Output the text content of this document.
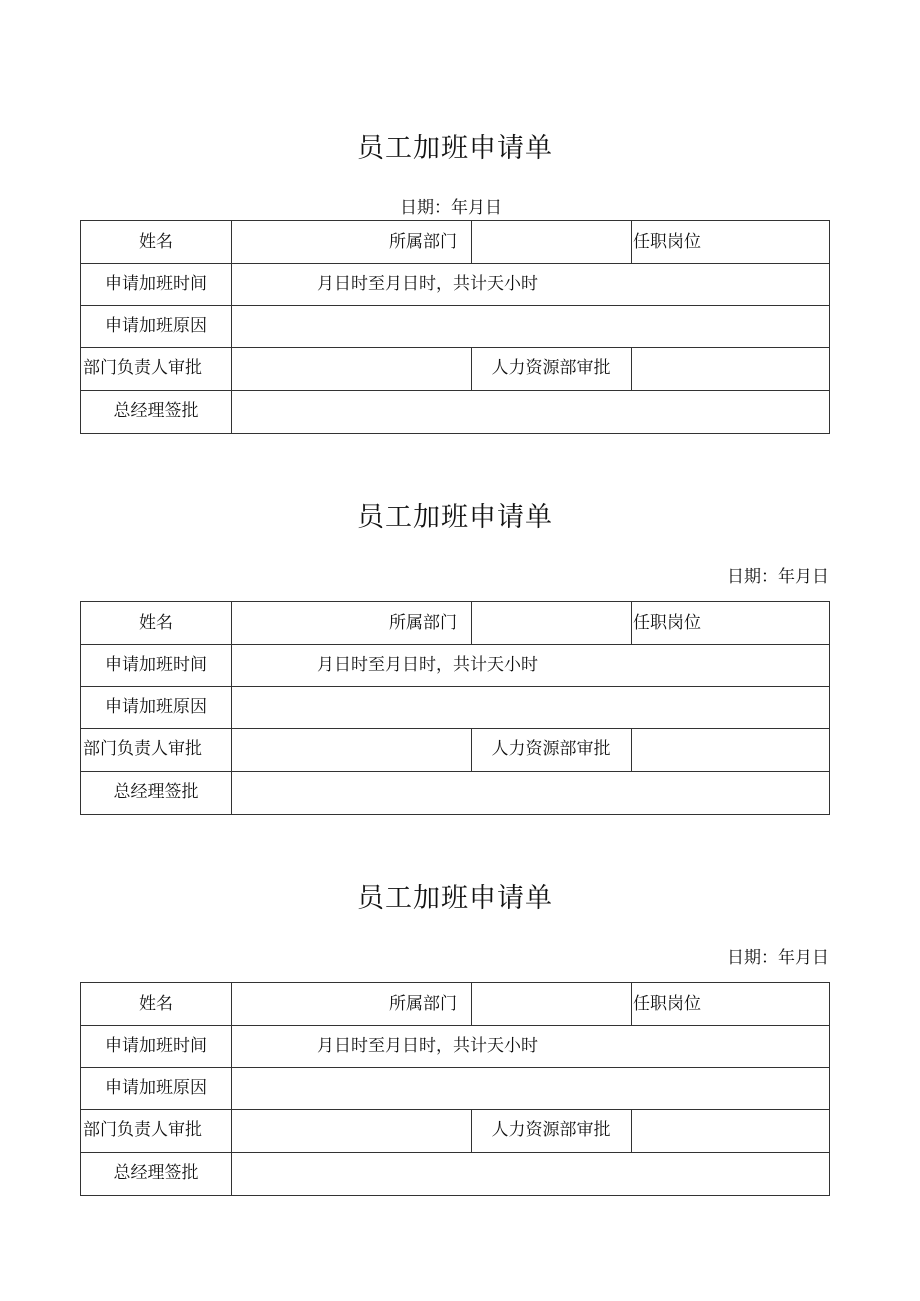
员工加班申请单
日期：年月日
姓名	所属部门	任职岗位
申请加班时间	月日时至月日时，共计天小时
申请加班原因
部门负责人审批	人力资源部审批
总经理签批
员工加班申请单
日期：年月日
姓名	所属部门	任职岗位
申请加班时间	月日时至月日时，共计天小时
申请加班原因
部门负责人审批	人力资源部审批
总经理签批
员工加班申请单
日期：年月日
姓名	所属部门	任职岗位
申请加班时间	月日时至月日时，共计天小时
申请加班原因
部门负责人审批	人力资源部审批
总经理签批
